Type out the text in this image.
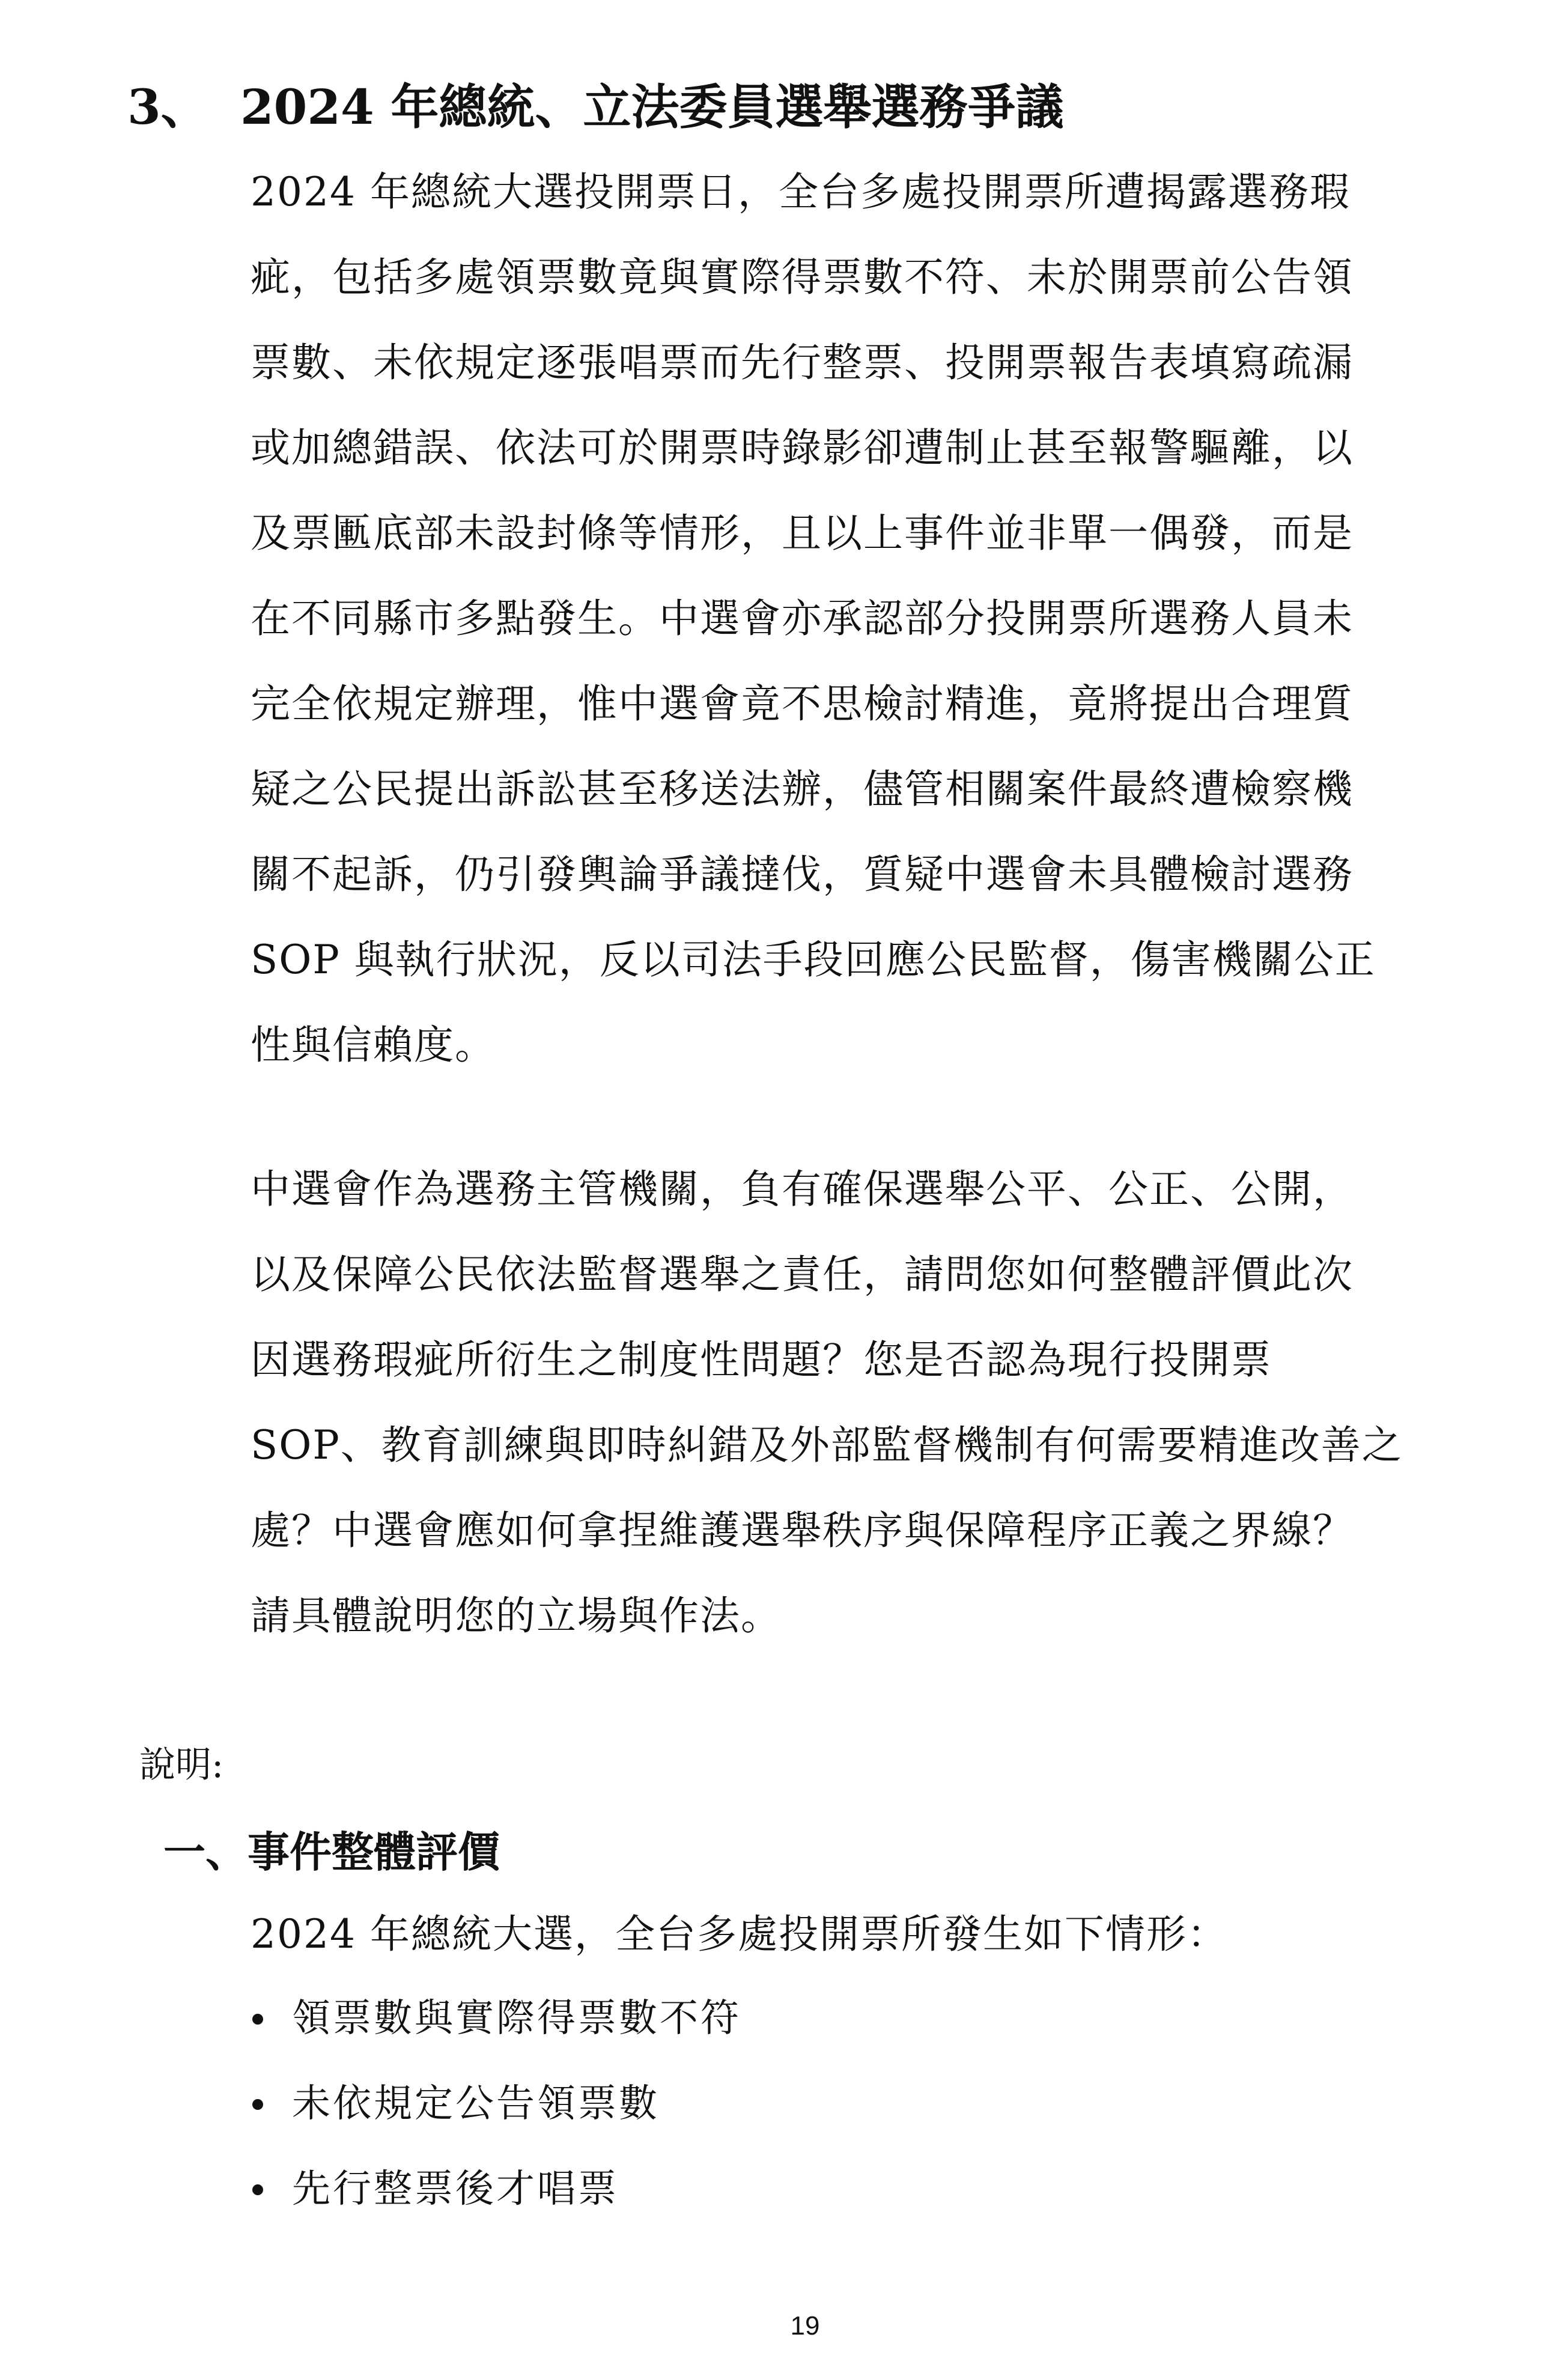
3、 2024 年總統、立法委員選舉選務爭議
2024 年總統大選投開票日，全台多處投開票所遭揭露選務瑕
疵，包括多處領票數竟與實際得票數不符、未於開票前公告領
票數、未依規定逐張唱票而先行整票、投開票報告表填寫疏漏
或加總錯誤、依法可於開票時錄影卻遭制止甚至報警驅離，以
及票匭底部未設封條等情形，且以上事件並非單一偶發，而是
在不同縣市多點發生。中選會亦承認部分投開票所選務人員未
完全依規定辦理，惟中選會竟不思檢討精進，竟將提出合理質
疑之公民提出訴訟甚至移送法辦，儘管相關案件最終遭檢察機
關不起訴，仍引發輿論爭議撻伐，質疑中選會未具體檢討選務
SOP 與執行狀況，反以司法手段回應公民監督，傷害機關公正
性與信賴度。
中選會作為選務主管機關，負有確保選舉公平、公正、公開，
以及保障公民依法監督選舉之責任，請問您如何整體評價此次
因選務瑕疵所衍生之制度性問題？您是否認為現行投開票
SOP、教育訓練與即時糾錯及外部監督機制有何需要精進改善之
處？中選會應如何拿捏維護選舉秩序與保障程序正義之界線？
請具體說明您的立場與作法。
說明:
一、事件整體評價
2024 年總統大選，全台多處投開票所發生如下情形：
領票數與實際得票數不符
未依規定公告領票數
先行整票後才唱票
19
